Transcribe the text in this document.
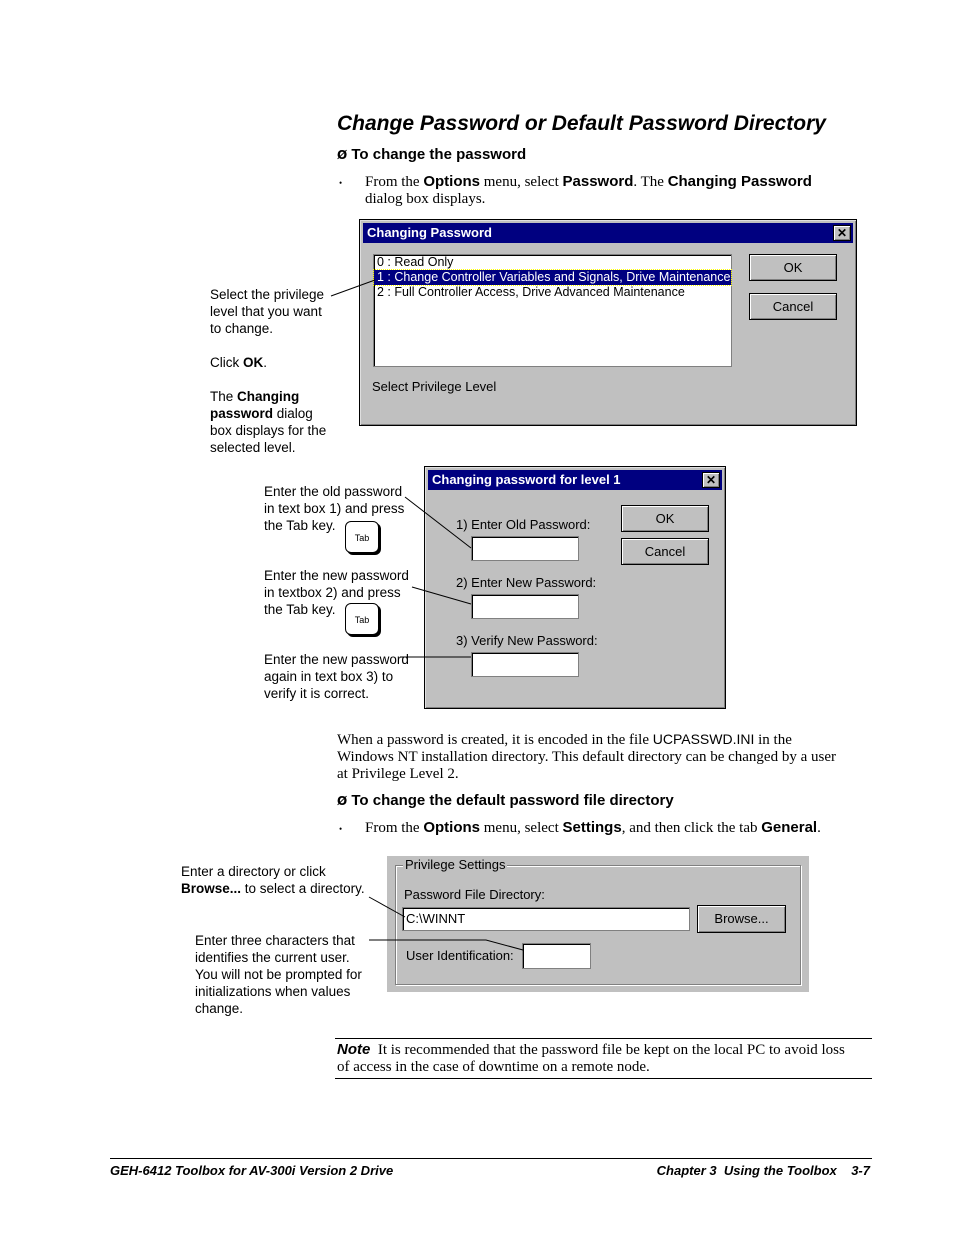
Change Password or Default Password Directory
Ø To change the password
• From the Options menu, select Password. The Changing Password dialog box displays.
Changing Password	✕
0 : Read Only
1 : Change Controller Variables and Signals, Drive Maintenance
2 : Full Controller Access, Drive Advanced Maintenance
OK
Cancel
Select Privilege Level
Select the privilege
level that you want
to change.
Click OK.
The Changing
password dialog
box displays for the
selected level.
Changing password for level 1	✕
1) Enter Old Password:
2) Enter New Password:
3) Verify New Password:
OK
Cancel
Enter the old password
in text box 1) and press
the Tab key.
Tab
Enter the new password
in textbox 2) and press
the Tab key.
Tab
Enter the new password
again in text box 3) to
verify it is correct.
When a password is created, it is encoded in the file UCPASSWD.INI in the
Windows NT installation directory. This default directory can be changed by a user
at Privilege Level 2.
Ø To change the default password file directory
• From the Options menu, select Settings, and then click the tab General.
Privilege Settings
Password File Directory:
C:\WINNT	Browse...
User Identification:
Enter a directory or click
Browse... to select a directory.
Enter three characters that
identifies the current user.
You will not be prompted for
initializations when values
change.
Note It is recommended that the password file be kept on the local PC to avoid loss
of access in the case of downtime on a remote node.
GEH-6412 Toolbox for AV-300i Version 2 Drive	Chapter 3  Using the Toolbox    3-7
